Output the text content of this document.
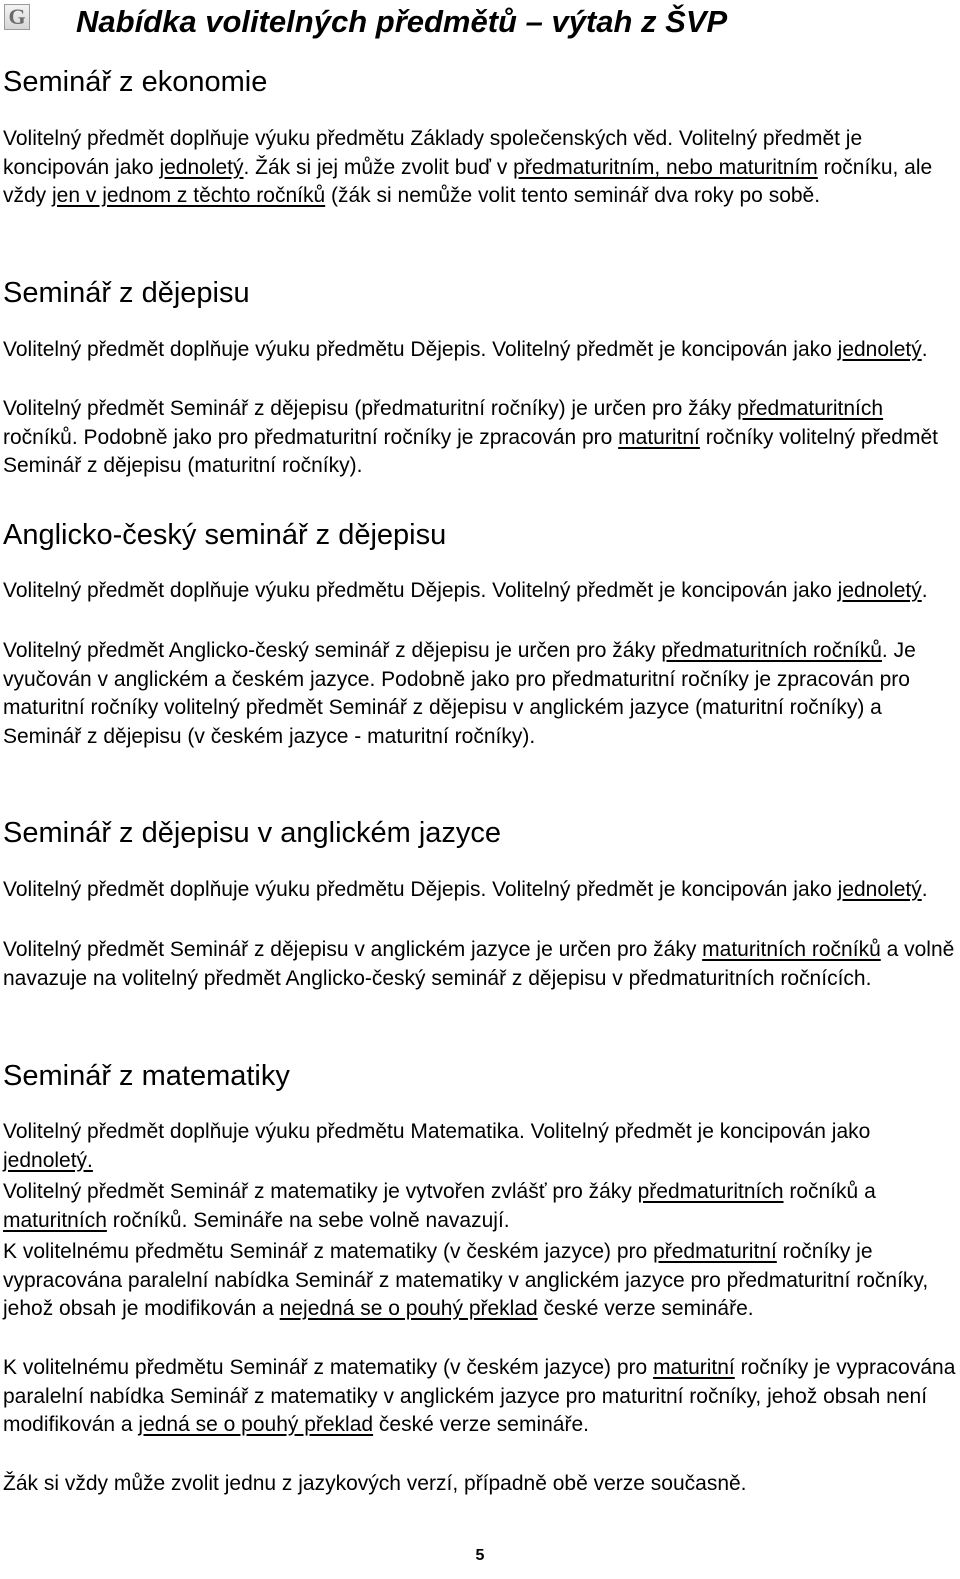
G Nabídka volitelných předmětů – výtah z ŠVP
Seminář z ekonomie

Volitelný předmět doplňuje výuku předmětu Základy společenských věd. Volitelný předmět je koncipován jako jednoletý. Žák si jej může zvolit buď v předmaturitním, nebo maturitním ročníku, ale vždy jen v jednom z těchto ročníků (žák si nemůže volit tento seminář dva roky po sobě.

Seminář z dějepisu

Volitelný předmět doplňuje výuku předmětu Dějepis. Volitelný předmět je koncipován jako jednoletý.

Volitelný předmět Seminář z dějepisu (předmaturitní ročníky) je určen pro žáky předmaturitních ročníků. Podobně jako pro předmaturitní ročníky je zpracován pro maturitní ročníky volitelný předmět Seminář z dějepisu (maturitní ročníky).

Anglicko-český seminář z dějepisu

Volitelný předmět doplňuje výuku předmětu Dějepis. Volitelný předmět je koncipován jako jednoletý.

Volitelný předmět Anglicko-český seminář z dějepisu je určen pro žáky předmaturitních ročníků. Je vyučován v anglickém a českém jazyce. Podobně jako pro předmaturitní ročníky je zpracován pro maturitní ročníky volitelný předmět Seminář z dějepisu v anglickém jazyce (maturitní ročníky) a Seminář z dějepisu (v českém jazyce - maturitní ročníky).

Seminář z dějepisu v anglickém jazyce

Volitelný předmět doplňuje výuku předmětu Dějepis. Volitelný předmět je koncipován jako jednoletý.

Volitelný předmět Seminář z dějepisu v anglickém jazyce je určen pro žáky maturitních ročníků a volně navazuje na volitelný předmět Anglicko-český seminář z dějepisu v předmaturitních ročnících.

Seminář z matematiky

Volitelný předmět doplňuje výuku předmětu Matematika. Volitelný předmět je koncipován jako jednoletý.

Volitelný předmět Seminář z matematiky je vytvořen zvlášť pro žáky předmaturitních ročníků a maturitních ročníků. Semináře na sebe volně navazují.

K volitelnému předmětu Seminář z matematiky (v českém jazyce) pro předmaturitní ročníky je vypracována paralelní nabídka Seminář z matematiky v anglickém jazyce pro předmaturitní ročníky, jehož obsah je modifikován a nejedná se o pouhý překlad české verze semináře.

K volitelnému předmětu Seminář z matematiky (v českém jazyce) pro maturitní ročníky je vypracována paralelní nabídka Seminář z matematiky v anglickém jazyce pro maturitní ročníky, jehož obsah není modifikován a jedná se o pouhý překlad české verze semináře.

Žák si vždy může zvolit jednu z jazykových verzí, případně obě verze současně.

5
